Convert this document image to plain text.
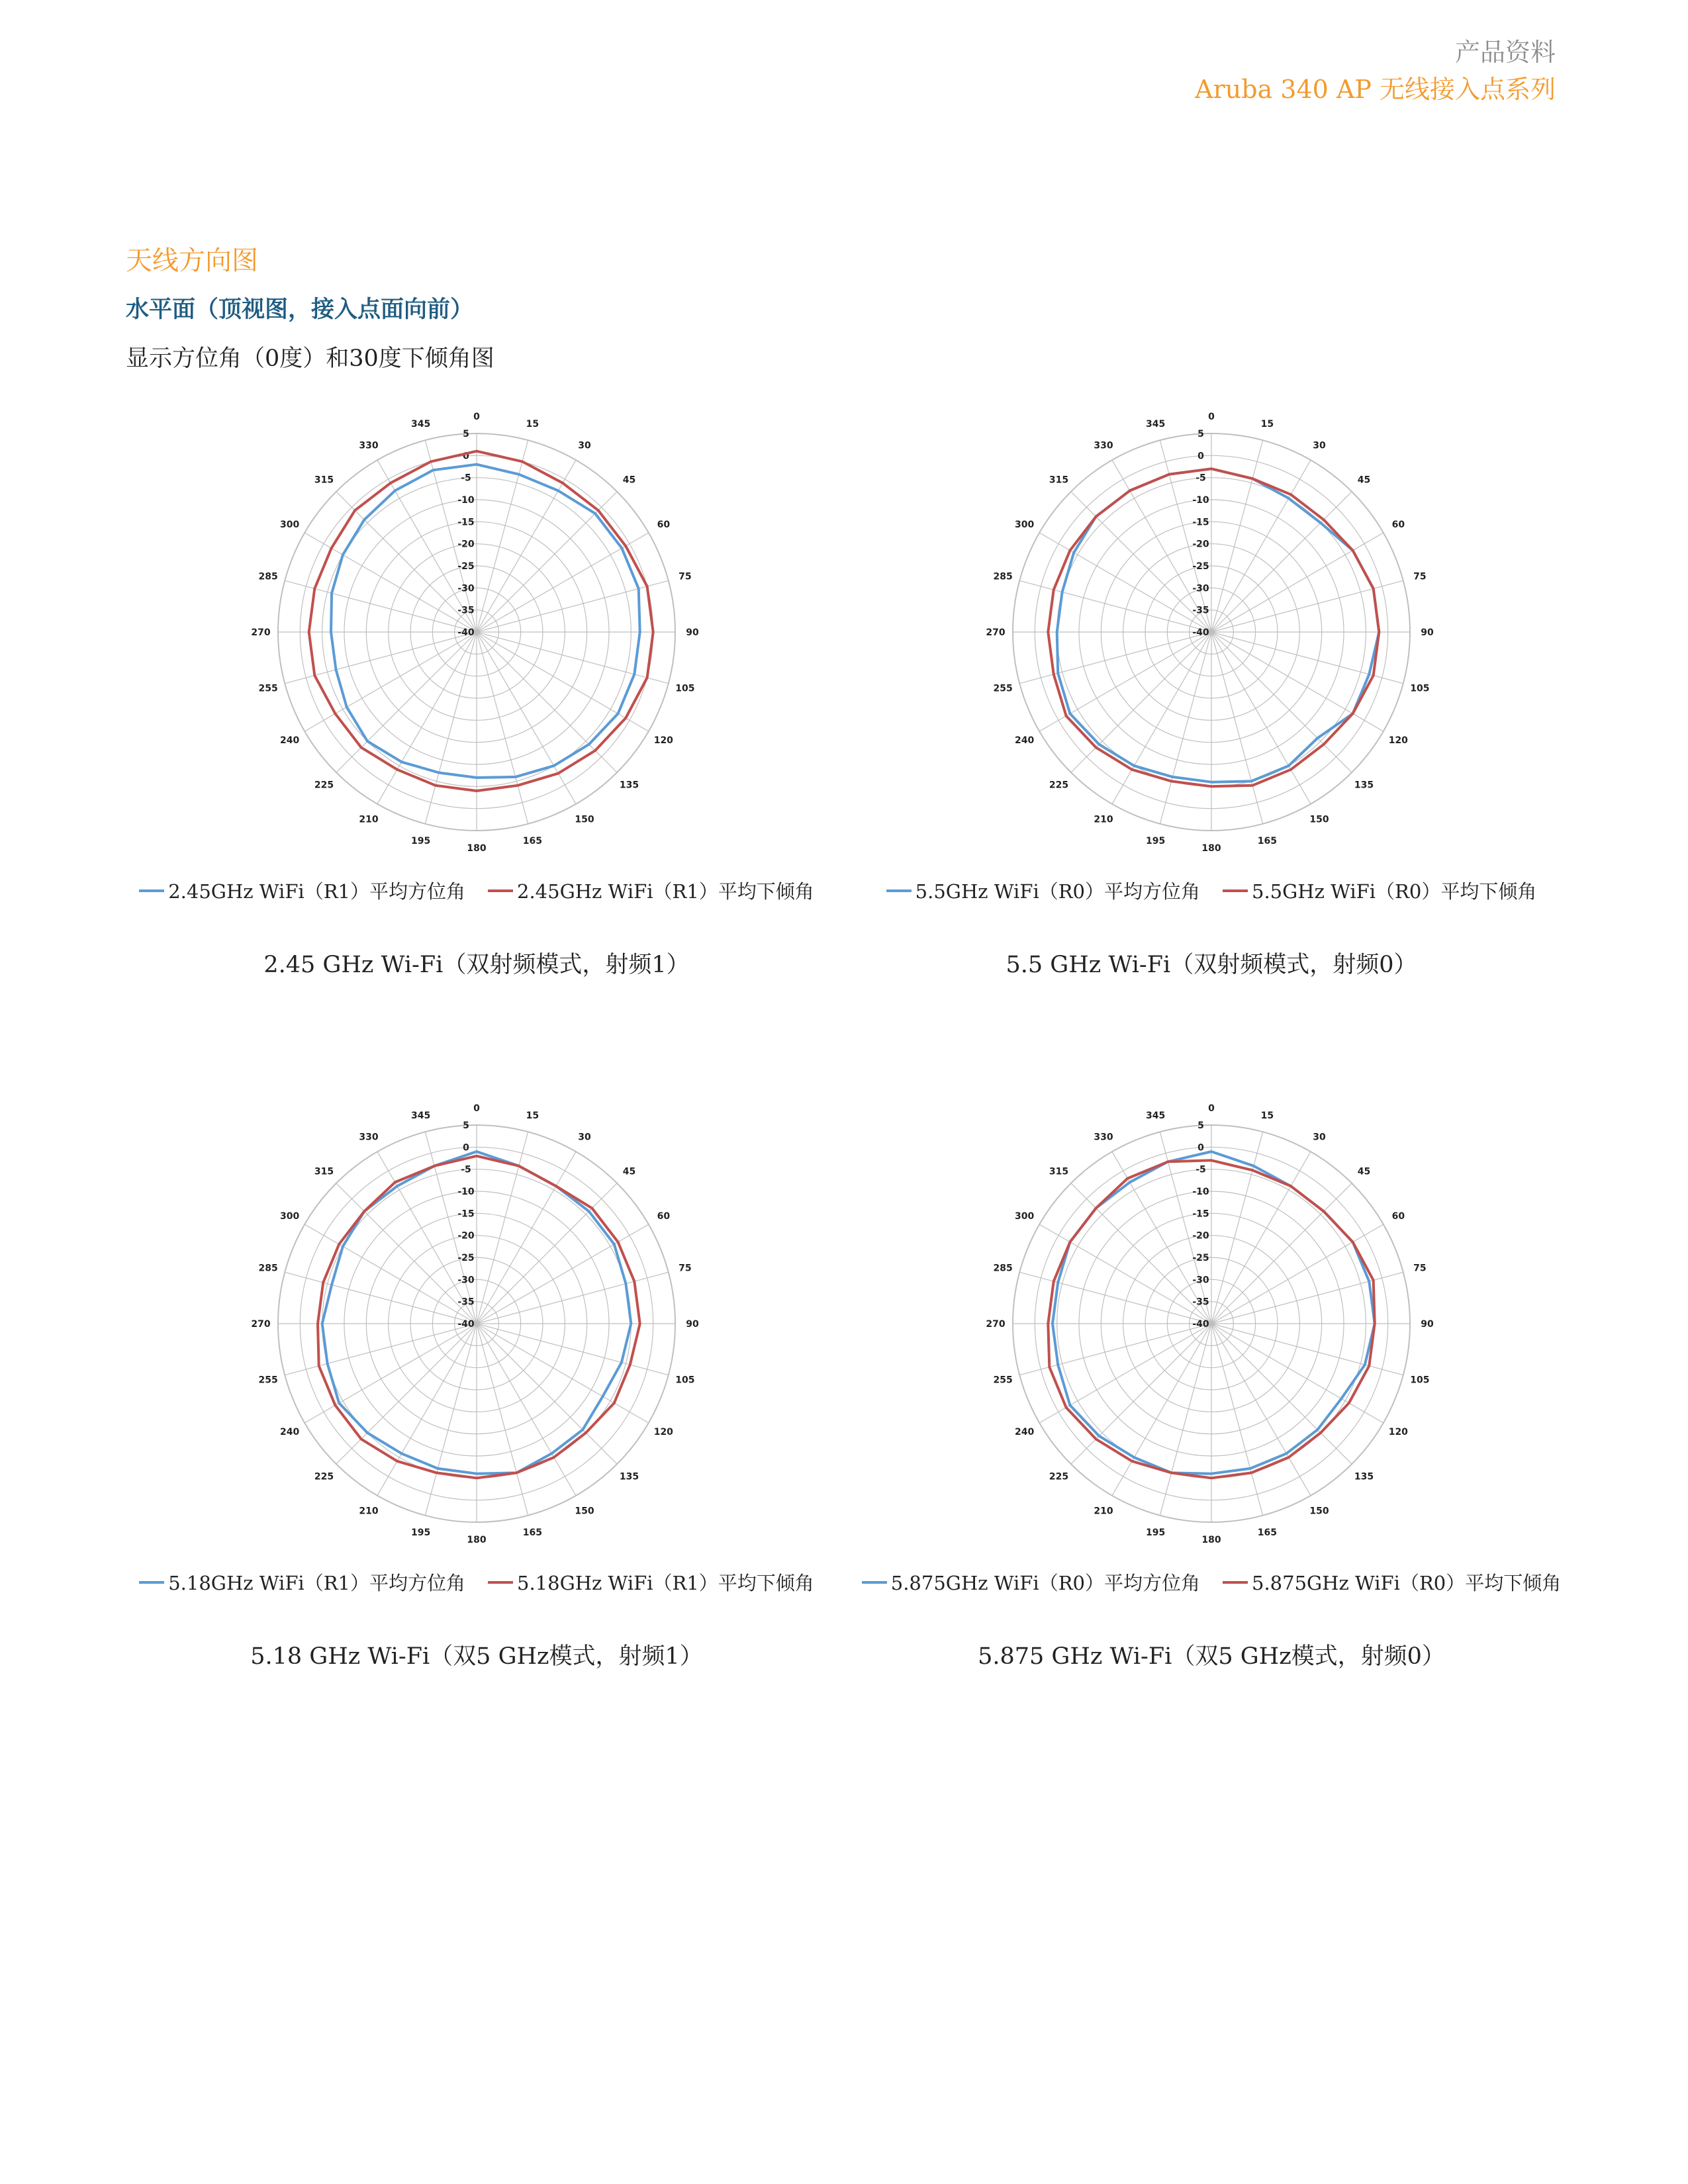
产品资料
Aruba 340 AP 无线接入点系列
天线方向图
水平面（顶视图，接入点面向前）
显示方位角（0度）和30度下倾角图
0
15
30
45
60
75
90
105
120
135
150
165
180
195
210
225
240
255
270
285
300
315
330
345
5
0
-5
-10
-15
-20
-25
-30
-35
-40
2.45GHz WiFi（R1）平均方位角	2.45GHz WiFi（R1）平均下倾角
2.45 GHz Wi-Fi（双射频模式，射频1）
0
15
30
45
60
75
90
105
120
135
150
165
180
195
210
225
240
255
270
285
300
315
330
345
5
0
-5
-10
-15
-20
-25
-30
-35
-40
5.5GHz WiFi（R0）平均方位角	5.5GHz WiFi（R0）平均下倾角
5.5 GHz Wi-Fi（双射频模式，射频0）
0
15
30
45
60
75
90
105
120
135
150
165
180
195
210
225
240
255
270
285
300
315
330
345
5
0
-5
-10
-15
-20
-25
-30
-35
-40
5.18GHz WiFi（R1）平均方位角	5.18GHz WiFi（R1）平均下倾角
5.18 GHz Wi-Fi（双5 GHz模式，射频1）
0
15
30
45
60
75
90
105
120
135
150
165
180
195
210
225
240
255
270
285
300
315
330
345
5
0
-5
-10
-15
-20
-25
-30
-35
-40
5.875GHz WiFi（R0）平均方位角	5.875GHz WiFi（R0）平均下倾角
5.875 GHz Wi-Fi（双5 GHz模式，射频0）
